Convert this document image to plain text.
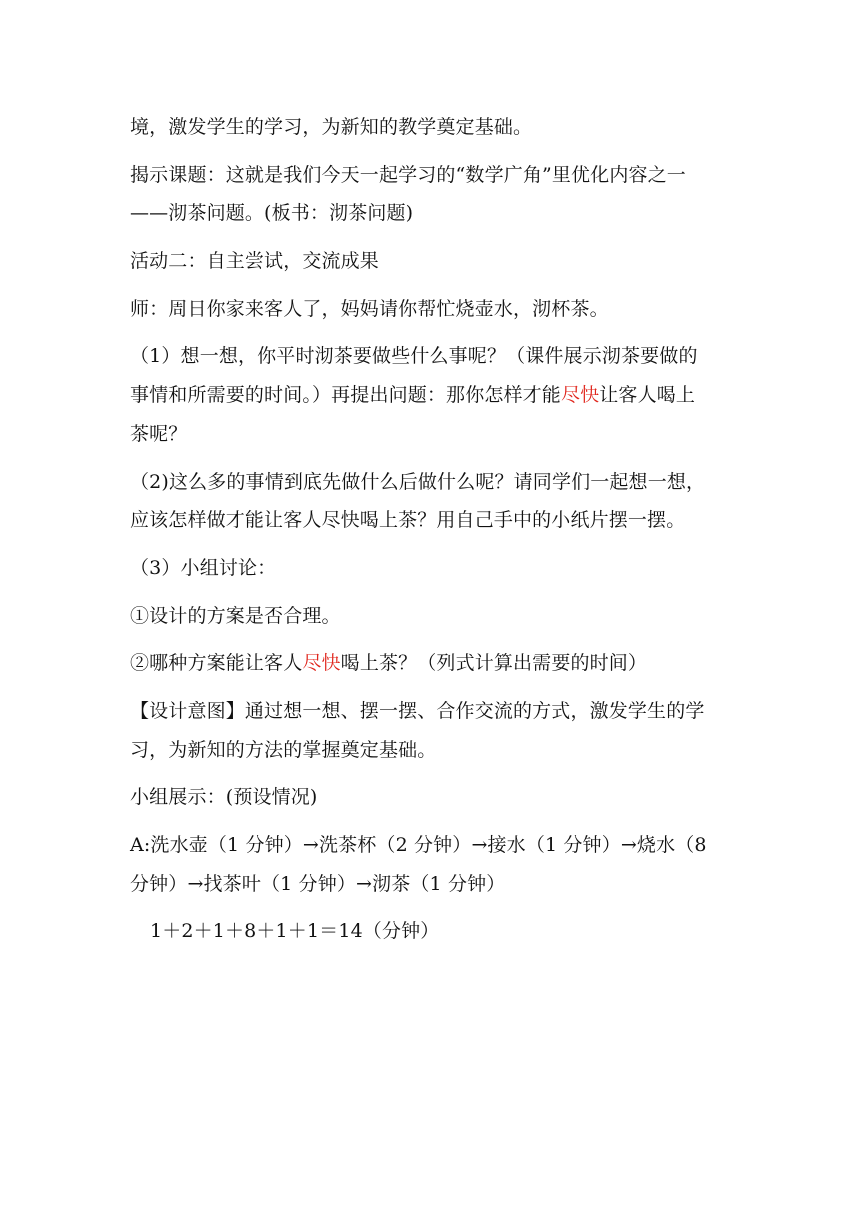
境，激发学生的学习，为新知的教学奠定基础。
揭示课题：这就是我们今天一起学习的“数学广角”里优化内容之一
——沏茶问题。(板书：沏茶问题)
活动二：自主尝试，交流成果
师：周日你家来客人了，妈妈请你帮忙烧壶水，沏杯茶。
（1）想一想，你平时沏茶要做些什么事呢？（课件展示沏茶要做的
事情和所需要的时间。）再提出问题：那你怎样才能尽快让客人喝上
茶呢？
（2)这么多的事情到底先做什么后做什么呢？请同学们一起想一想，
应该怎样做才能让客人尽快喝上茶？用自己手中的小纸片摆一摆。
（3）小组讨论：
①设计的方案是否合理。
②哪种方案能让客人尽快喝上茶？（列式计算出需要的时间）
【设计意图】通过想一想、摆一摆、合作交流的方式，激发学生的学
习，为新知的方法的掌握奠定基础。
小组展示：(预设情况)
A:洗水壶（1 分钟）→洗茶杯（2 分钟）→接水（1 分钟）→烧水（8
分钟）→找茶叶（1 分钟）→沏茶（1 分钟）
1＋2＋1＋8＋1＋1＝14（分钟）
